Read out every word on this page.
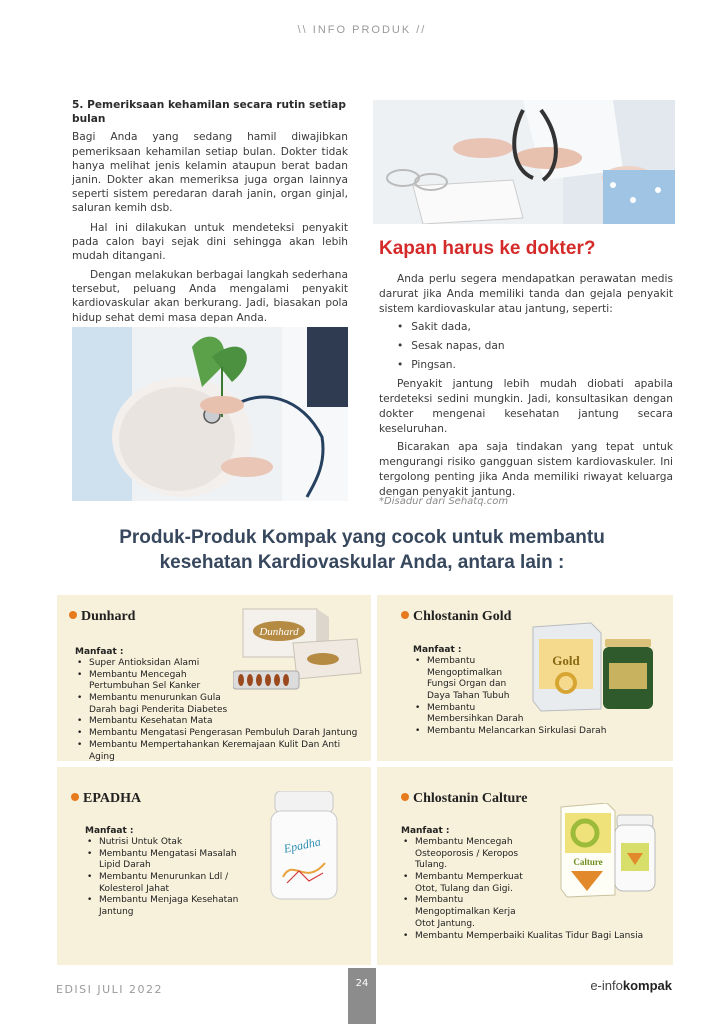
\\ INFO PRODUK //
5. Pemeriksaan kehamilan secara rutin setiap bulan

Bagi Anda yang sedang hamil diwajibkan pemeriksaan kehamilan setiap bulan. Dokter tidak hanya melihat jenis kelamin ataupun berat badan janin. Dokter akan memeriksa juga organ lainnya seperti sistem peredaran darah janin, organ ginjal, saluran kemih dsb.

Hal ini dilakukan untuk mendeteksi penyakit pada calon bayi sejak dini sehingga akan lebih mudah ditangani.

Dengan melakukan berbagai langkah sederhana tersebut, peluang Anda mengalami penyakit kardiovaskular akan berkurang. Jadi, biasakan pola hidup sehat demi masa depan Anda.

Kapan harus ke dokter?

Anda perlu segera mendapatkan perawatan medis darurat jika Anda memiliki tanda dan gejala penyakit sistem kardiovaskular atau jantung, seperti:

• Sakit dada,
• Sesak napas, dan
• Pingsan.

Penyakit jantung lebih mudah diobati apabila terdeteksi sedini mungkin. Jadi, konsultasikan dengan dokter mengenai kesehatan jantung secara keseluruhan.

Bicarakan apa saja tindakan yang tepat untuk mengurangi risiko gangguan sistem kardiovaskuler. Ini tergolong penting jika Anda memiliki riwayat keluarga dengan penyakit jantung.

*Disadur dari Sehatq.com
Produk-Produk Kompak yang cocok untuk membantu
kesehatan Kardiovaskular Anda, antara lain :
Dunhard
Dunhard
Manfaat :
• Super Antioksidan Alami
• Membantu Mencegah Pertumbuhan Sel Kanker
• Membantu menurunkan Gula Darah bagi Penderita Diabetes
• Membantu Kesehatan Mata
• Membantu Mengatasi Pengerasan Pembuluh Darah Jantung
• Membantu Mempertahankan Keremajaan Kulit Dan Anti Aging
Chlostanin Gold
Gold
Manfaat :
• Membantu Mengoptimalkan Fungsi Organ dan Daya Tahan Tubuh
• Membantu Membersihkan Darah
• Membantu Melancarkan Sirkulasi Darah
EPADHA
Epadha
Manfaat :
• Nutrisi Untuk Otak
• Membantu Mengatasi Masalah Lipid Darah
• Membantu Menurunkan Ldl / Kolesterol Jahat
• Membantu Menjaga Kesehatan Jantung
Chlostanin Calture
Calture
Manfaat :
• Membantu Mencegah Osteoporosis / Keropos Tulang.
• Membantu Memperkuat Otot, Tulang dan Gigi.
• Membantu Mengoptimalkan Kerja Otot Jantung.
• Membantu Memperbaiki Kualitas Tidur Bagi Lansia
EDISI JULI 2022	24	e-infokompak
